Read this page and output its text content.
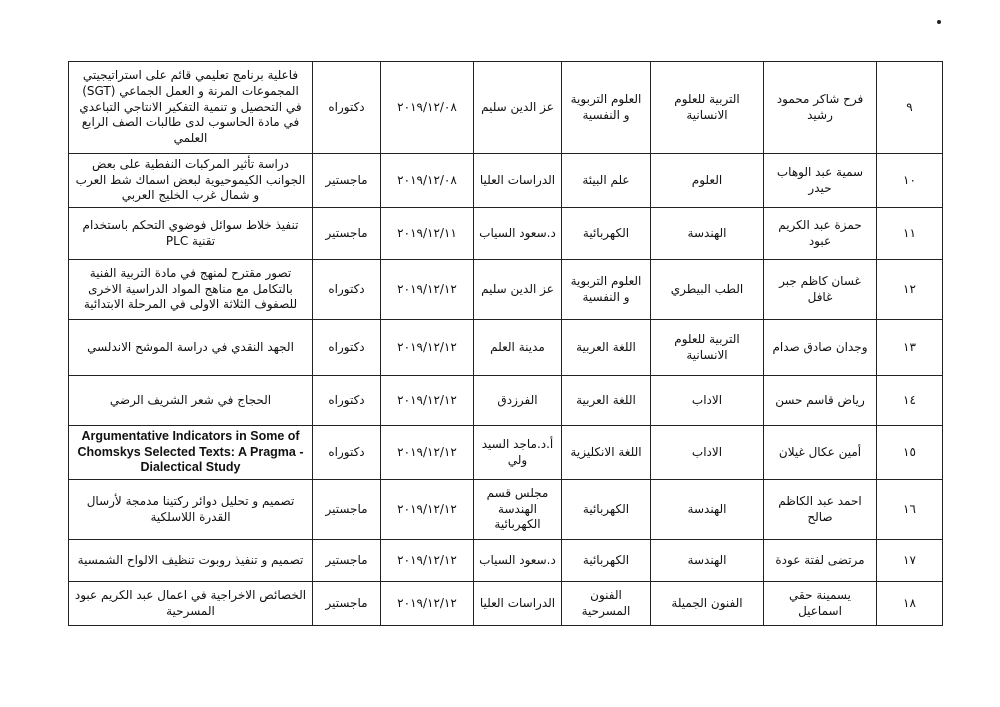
٩	فرح شاكر محمود رشيد	التربية للعلوم الانسانية	العلوم التربوية و النفسية	عز الدين سليم	٢٠١٩/١٢/٠٨	دكتوراه	فاعلية برنامج تعليمي قائم على استراتيجيتي المجموعات المرنة و العمل الجماعي (SGT) في التحصيل و تنمية التفكير الانتاجي التباعدي في مادة الحاسوب لدى طالبات الصف الرابع العلمي
١٠	سمية عبد الوهاب حيدر	العلوم	علم البيئة	الدراسات العليا	٢٠١٩/١٢/٠٨	ماجستير	دراسة تأثير المركبات النفطية على بعض الجوانب الكيموحيوية لبعض اسماك شط العرب و شمال غرب الخليج العربي
١١	حمزة عبد الكريم عبود	الهندسة	الكهربائية	د.سعود السياب	٢٠١٩/١٢/١١	ماجستير	تنفيذ خلاط سوائل فوضوي التحكم باستخدام تقنية PLC
١٢	غسان كاظم جبر غافل	الطب البيطري	العلوم التربوية و النفسية	عز الدين سليم	٢٠١٩/١٢/١٢	دكتوراه	تصور مقترح لمنهج في مادة التربية الفنية بالتكامل مع مناهج المواد الدراسية الاخرى للصفوف الثلاثة الاولى في المرحلة الابتدائية
١٣	وجدان صادق صدام	التربية للعلوم الانسانية	اللغة العربية	مدينة العلم	٢٠١٩/١٢/١٢	دكتوراه	الجهد النقدي في دراسة الموشح الاندلسي
١٤	رياض قاسم حسن	الاداب	اللغة العربية	الفرزدق	٢٠١٩/١٢/١٢	دكتوراه	الحجاج في شعر الشريف الرضي
١٥	أمين عكال غيلان	الاداب	اللغة الانكليزية	أ.د.ماجد السيد ولي	٢٠١٩/١٢/١٢	دكتوراه	Argumentative Indicators in Some of Chomskys Selected Texts: A Pragma - Dialectical Study
١٦	احمد عبد الكاظم صالح	الهندسة	الكهربائية	مجلس قسم الهندسة الكهربائية	٢٠١٩/١٢/١٢	ماجستير	تصميم و تحليل دوائر ركتينا مدمجة لأرسال القدرة اللاسلكية
١٧	مرتضى لفتة عودة	الهندسة	الكهربائية	د.سعود السياب	٢٠١٩/١٢/١٢	ماجستير	تصميم و تنفيذ روبوت تنظيف الالواح الشمسية
١٨	يسمينة حقي اسماعيل	الفنون الجميلة	الفنون المسرحية	الدراسات العليا	٢٠١٩/١٢/١٢	ماجستير	الخصائص الاخراجية في اعمال عبد الكريم عبود المسرحية
